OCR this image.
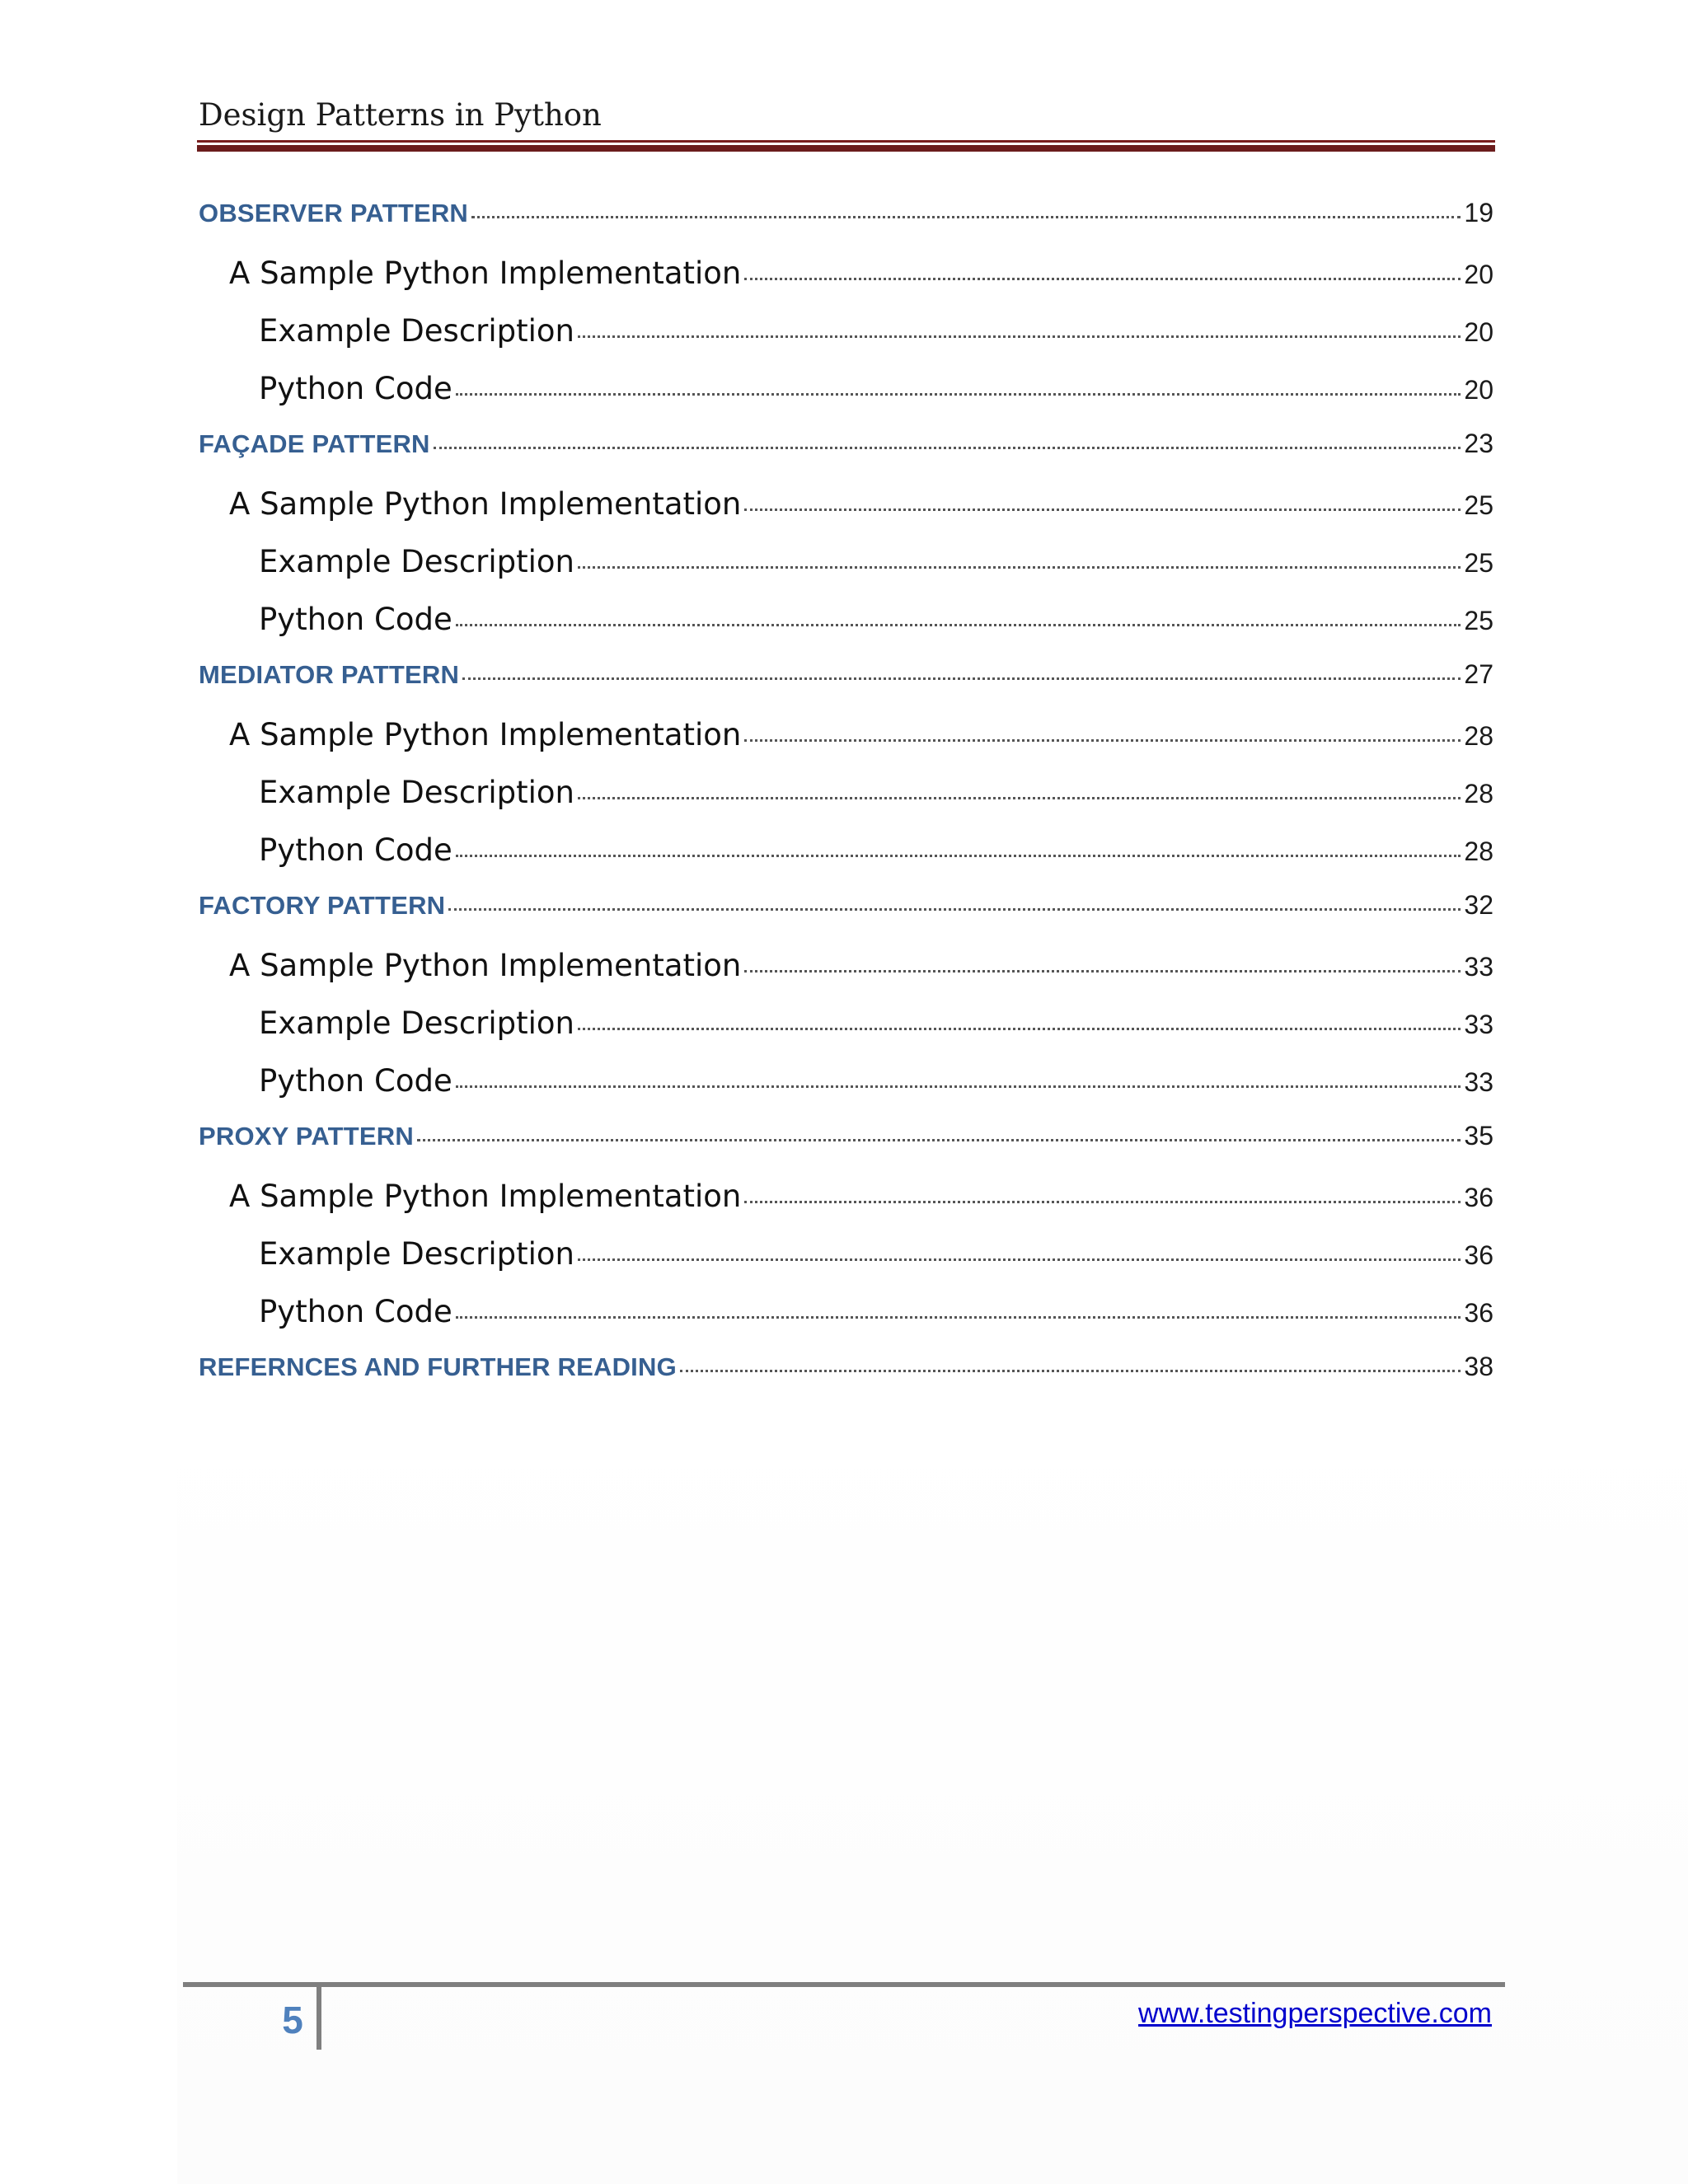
Design Patterns in Python
OBSERVER PATTERN	19
A Sample Python Implementation	20
Example Description	20
Python Code	20
FAÇADE PATTERN	23
A Sample Python Implementation	25
Example Description	25
Python Code	25
MEDIATOR PATTERN	27
A Sample Python Implementation	28
Example Description	28
Python Code	28
FACTORY PATTERN	32
A Sample Python Implementation	33
Example Description	33
Python Code	33
PROXY PATTERN	35
A Sample Python Implementation	36
Example Description	36
Python Code	36
REFERNCES AND FURTHER READING	38
5	www.testingperspective.com
